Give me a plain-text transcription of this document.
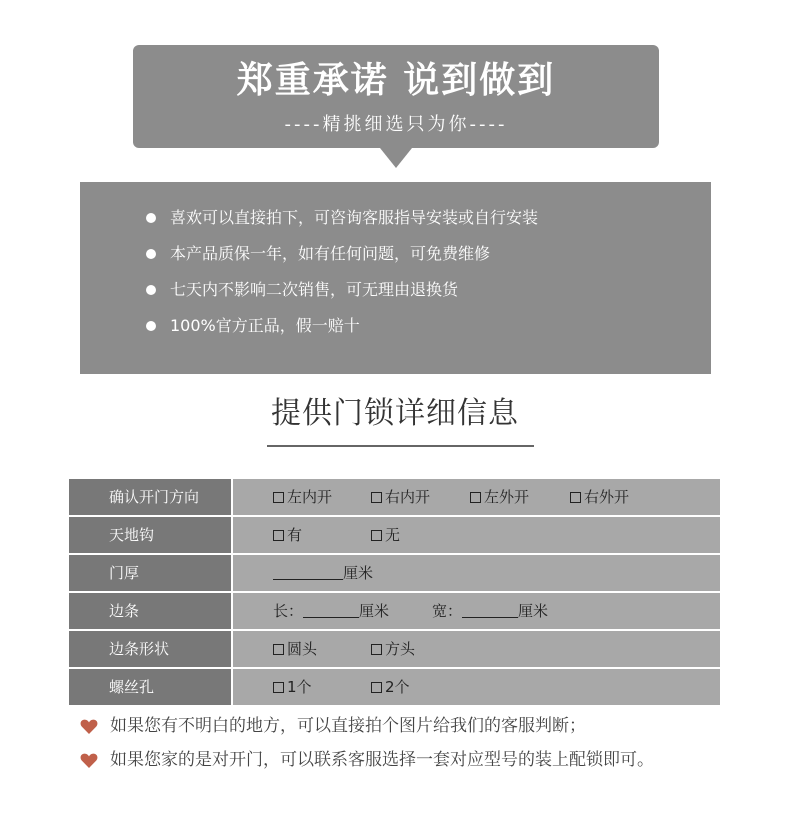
郑重承诺 说到做到
----精挑细选只为你----
喜欢可以直接拍下，可咨询客服指导安装或自行安装
本产品质保一年，如有任何问题，可免费维修
七天内不影响二次销售，可无理由退换货
100%官方正品，假一赔十
提供门锁详细信息
确认开门方向	左内开	右内开	左外开	右外开
天地钩	有	无
门厚	厘米
边条	长：	厘米	宽：	厘米
边条形状	圆头	方头
螺丝孔	1个	2个
如果您有不明白的地方，可以直接拍个图片给我们的客服判断；
如果您家的是对开门，可以联系客服选择一套对应型号的装上配锁即可。
